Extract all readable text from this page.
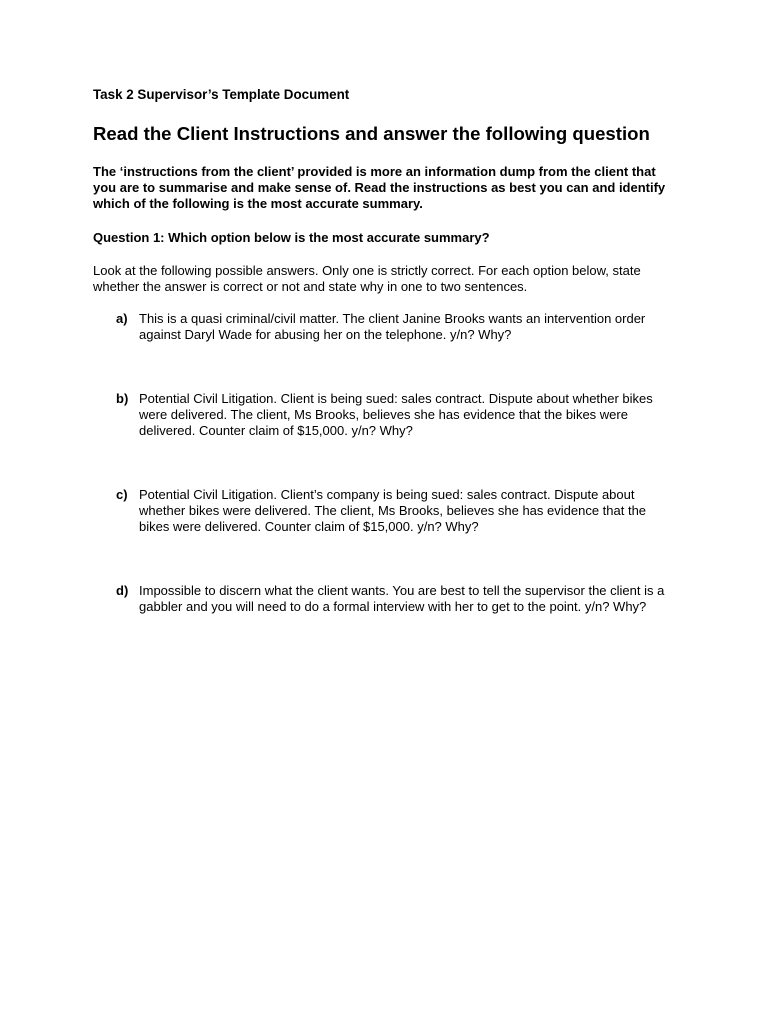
Task 2 Supervisor’s Template Document

Read the Client Instructions and answer the following question

The ‘instructions from the client’ provided is more an information dump from the client that you are to summarise and make sense of. Read the instructions as best you can and identify which of the following is the most accurate summary.

Question 1: Which option below is the most accurate summary?

Look at the following possible answers. Only one is strictly correct. For each option below, state whether the answer is correct or not and state why in one to two sentences.

a) This is a quasi criminal/civil matter. The client Janine Brooks wants an intervention order against Daryl Wade for abusing her on the telephone. y/n? Why?
b) Potential Civil Litigation. Client is being sued: sales contract. Dispute about whether bikes were delivered. The client, Ms Brooks, believes she has evidence that the bikes were delivered. Counter claim of $15,000. y/n? Why?
c) Potential Civil Litigation. Client’s company is being sued: sales contract. Dispute about whether bikes were delivered. The client, Ms Brooks, believes she has evidence that the bikes were delivered. Counter claim of $15,000. y/n? Why?
d) Impossible to discern what the client wants. You are best to tell the supervisor the client is a gabbler and you will need to do a formal interview with her to get to the point. y/n? Why?
